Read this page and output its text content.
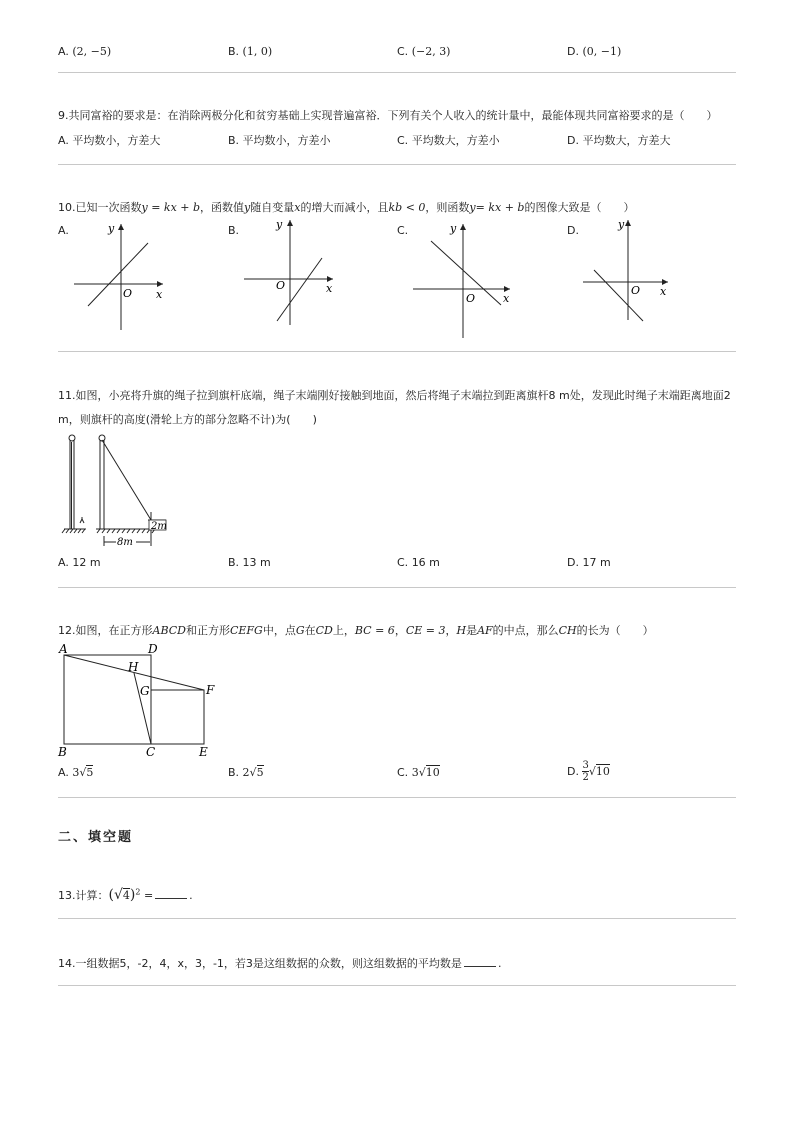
A. (2, −5)	B. (1, 0)	C. (−2, 3)	D. (0, −1)
9.共同富裕的要求是：在消除两极分化和贫穷基础上实现普遍富裕．下列有关个人收入的统计量中，最能体现共同富裕要求的是（　　）
A. 平均数小，方差大	B. 平均数小，方差小	C. 平均数大，方差小	D. 平均数大，方差大
10.已知一次函数y = kx + b，函数值y随自变量x的增大而减小，且kb < 0，则函数y= kx + b的图像大致是（　　）
A.	B.	C.	D.
y
x
O
y
x
O
y
x
O
y
x
O
11.如图，小亮将升旗的绳子拉到旗杆底端，绳子末端刚好接触到地面，然后将绳子末端拉到距离旗杆8 m处，发现此时绳子末端距离地面2
m，则旗杆的高度(滑轮上方的部分忽略不计)为(　　)
2m
8m
A. 12 m	B. 13 m	C. 16 m	D. 17 m
12.如图，在正方形ABCD和正方形CEFG中，点G在CD上，BC = 6，CE = 3，H是AF的中点，那么CH的长为（　　）
A	D
H
G	F
B	C	E
A. 3√5	B. 2√5	C. 3√10	D. $\frac{3}{2} √10$
二、填空题
13.计算：$(√4)^2$ =	.
14.一组数据5，-2，4，x，3，-1，若3是这组数据的众数，则这组数据的平均数是	.
